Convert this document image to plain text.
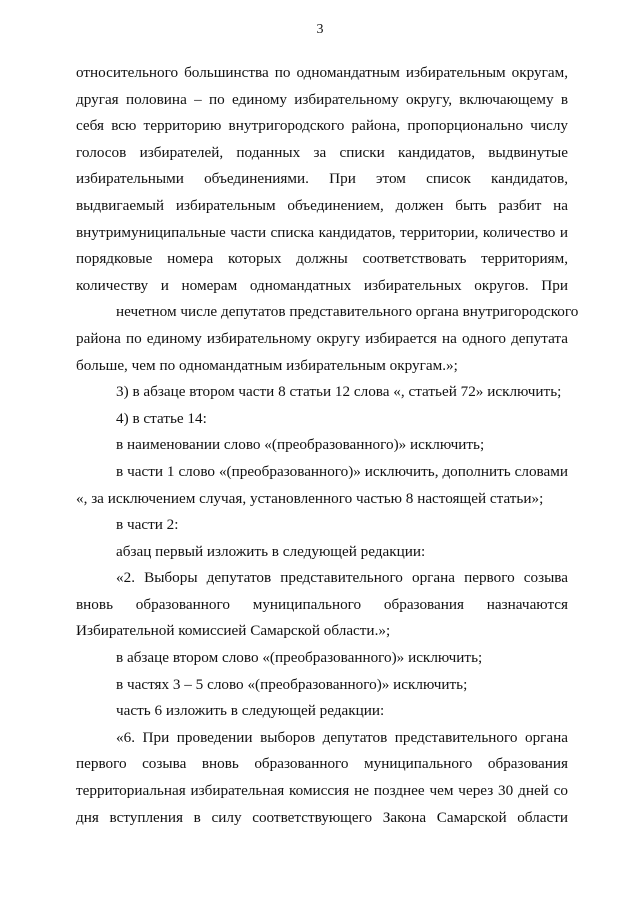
3
относительного большинства по одномандатным избирательным округам,
другая половина – по единому избирательному округу, включающему в
себя всю территорию внутригородского района, пропорционально числу
голосов избирателей, поданных за списки кандидатов, выдвинутые
избирательными объединениями. При этом список кандидатов,
выдвигаемый избирательным объединением, должен быть разбит на
внутримуниципальные части списка кандидатов, территории, количество и
порядковые номера которых должны соответствовать территориям,
количеству и номерам одномандатных избирательных округов. При
нечетном числе депутатов представительного органа внутригородского
района по единому избирательному округу избирается на одного депутата
больше, чем по одномандатным избирательным округам.»;
3) в абзаце втором части 8 статьи 12 слова «, статьей 72» исключить;
4) в статье 14:
в наименовании слово «(преобразованного)» исключить;
в части 1 слово «(преобразованного)» исключить, дополнить словами
«, за исключением случая, установленного частью 8 настоящей статьи»;
в части 2:
абзац первый изложить в следующей редакции:
«2. Выборы депутатов представительного органа первого созыва
вновь образованного муниципального образования назначаются
Избирательной комиссией Самарской области.»;
в абзаце втором слово «(преобразованного)» исключить;
в частях 3 – 5 слово «(преобразованного)» исключить;
часть 6 изложить в следующей редакции:
«6. При проведении выборов депутатов представительного органа
первого созыва вновь образованного муниципального образования
территориальная избирательная комиссия не позднее чем через 30 дней со
дня вступления в силу соответствующего Закона Самарской области
